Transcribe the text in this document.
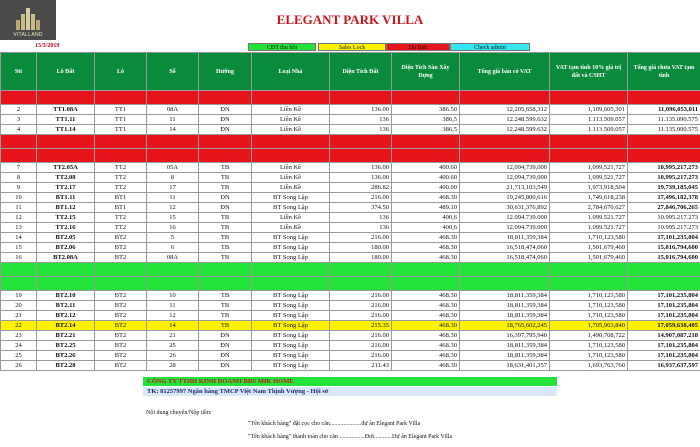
VITALLAND
ELEGANT PARK VILLA
15/3/2019	CĐT thu hồi	Sales Lock	Đã Bán	Check admin
Stt	Lô Đất	Lô	Số	Hướng	Loại Nhà	Diện Tích Đất	Diện Tích Sàn Xây Dựng	Tổng giá bán có VAT	VAT tạm tính 10% giá trị đất và CSHT	Tổng giá chưa VAT tạm tính

2	TT1.08A	TT1	08A	ĐN	Liền Kề	136.00	386.50	12,205,658,312	1,109,605,301	11,096,053,011
3	TT1.11	TT1	11	ĐN	Liền Kề	136	386,5	12.248.599.632	1.113.509.057	11.135.090.575
4	TT1.14	TT1	14	ĐN	Liền Kề	136	386,5	12.248.599.632	1.113.509.057	11.135.090.575

7	TT2.05A	TT2	05A	TB	Liền Kề	136.00	400.60	12,094,739,000	1,099,521,727	10,995,217,273
8	TT2.08	TT2	8	TB	Liền Kề	136.00	400.60	12,094,739,000	1,099,521,727	10,995,217,273
9	TT2.17	TT2	17	TB	Liền Kề	286.82	400.00	21,713,103,549	1,973,918,504	19,739,185,045
10	BT1.11	BT1	11	DN	BT Song Lập	216.00	468.30	19,245,800,616	1,749,618,238	17,496,182,378
11	BT1.12	BT1	12	ĐN	BT Song Lập	374.50	489.10	30,631,376,892	2,784,670,627	27,846,706,265
12	TT2.15	TT2	15	TB	Liền Kề	136	400,6	12.094.739.000	1.099.521.727	10.995.217.273
13	TT2.16	TT2	16	TB	Liền Kề	136	400,6	12.094.739.000	1.099.521.727	10.995.217.273
14	BT2.05	BT2	5	TB	BT Song Lập	216.00	468.30	18,811,359,384	1,710,123,580	17,101,235,804
15	BT2.06	BT2	6	TB	BT Song Lập	180.00	468.30	16,518,474,060	1,501,679,460	15,016,794,600
16	BT2.08A	BT2	08A	TB	BT Song Lập	180.00	468.30	16,518,474,060	1,501,679,460	15,016,794,600

19	BT2.10	BT2	10	TB	BT Song Lập	216.00	468.30	18,811,359,384	1,710,123,580	17,101,235,804
20	BT2.11	BT2	11	TB	BT Song Lập	216.00	468.30	18,811,359,384	1,710,123,580	17,101,235,804
21	BT2.12	BT2	12	TB	BT Song Lập	216.00	468.30	18,811,359,384	1,710,123,580	17,101,235,804
22	BT2.14	BT2	14	TB	BT Song Lập	215.35	468.30	18,765,602,245	1,705,963,840	17,059,638,405
23	BT2.21	BT2	21	ĐN	BT Song Lập	216.00	468.30	16,397,795,940	1,490,708,722	14,907,087,218
24	BT2.25	BT2	25	ĐN	BT Song Lập	216.00	468.30	18,811,359,384	1,710,123,580	17,101,235,804
25	BT2.26	BT2	26	ĐN	BT Song Lập	216.00	468.30	18,811,359,384	1,710,123,580	17,101,235,804
26	BT2.28	BT2	28	ĐN	BT Song Lập	211.43	468.30	18,631,401,357	1,693,763,760	16,937,637,597
CÔNG TY TTHH KINH DOANH BĐS MIK HOME
TK: 81257997 Ngân hàng TMCP Việt Nam Thịnh Vượng - Hội sở
Nội dung chuyển/Nộp tiền:
"Tên khách hàng" đặt cọc cho căn.....................đự án Elegant Park Villa
"Tên khách hàng" thanh toán cho căn .................Đợt............Dự án Elegant Park Villa
